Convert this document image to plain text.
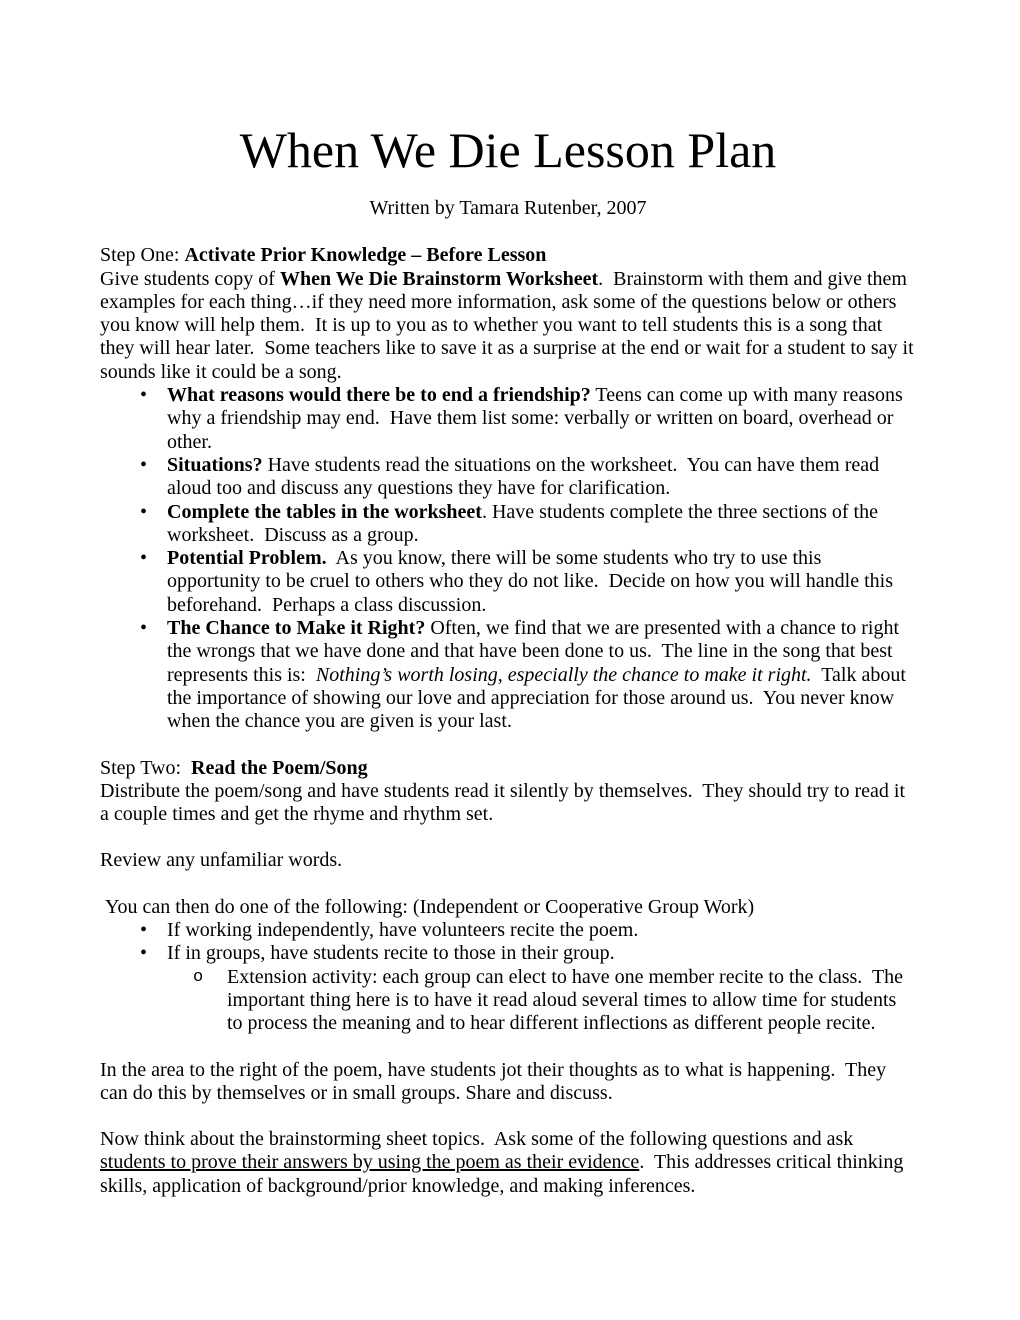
When We Die Lesson Plan

Written by Tamara Rutenber, 2007

Step One: Activate Prior Knowledge – Before Lesson
Give students copy of When We Die Brainstorm Worksheet.  Brainstorm with them and give them examples for each thing…if they need more information, ask some of the questions below or others you know will help them.  It is up to you as to whether you want to tell students this is a song that they will hear later.  Some teachers like to save it as a surprise at the end or wait for a student to say it sounds like it could be a song.
• What reasons would there be to end a friendship? Teens can come up with many reasons why a friendship may end.  Have them list some: verbally or written on board, overhead or other.
• Situations? Have students read the situations on the worksheet.  You can have them read aloud too and discuss any questions they have for clarification.
• Complete the tables in the worksheet. Have students complete the three sections of the worksheet.  Discuss as a group.
• Potential Problem.  As you know, there will be some students who try to use this opportunity to be cruel to others who they do not like.  Decide on how you will handle this beforehand.  Perhaps a class discussion.
• The Chance to Make it Right? Often, we find that we are presented with a chance to right the wrongs that we have done and that have been done to us.  The line in the song that best represents this is:  Nothing’s worth losing, especially the chance to make it right.  Talk about the importance of showing our love and appreciation for those around us.  You never know when the chance you are given is your last.
Step Two:  Read the Poem/Song
Distribute the poem/song and have students read it silently by themselves.  They should try to read it a couple times and get the rhyme and rhythm set.
Review any unfamiliar words.
You can then do one of the following: (Independent or Cooperative Group Work)
• If working independently, have volunteers recite the poem.
• If in groups, have students recite to those in their group.
o	Extension activity: each group can elect to have one member recite to the class.  The important thing here is to have it read aloud several times to allow time for students to process the meaning and to hear different inflections as different people recite.
In the area to the right of the poem, have students jot their thoughts as to what is happening.  They can do this by themselves or in small groups. Share and discuss.
Now think about the brainstorming sheet topics.  Ask some of the following questions and ask students to prove their answers by using the poem as their evidence.  This addresses critical thinking skills, application of background/prior knowledge, and making inferences.
